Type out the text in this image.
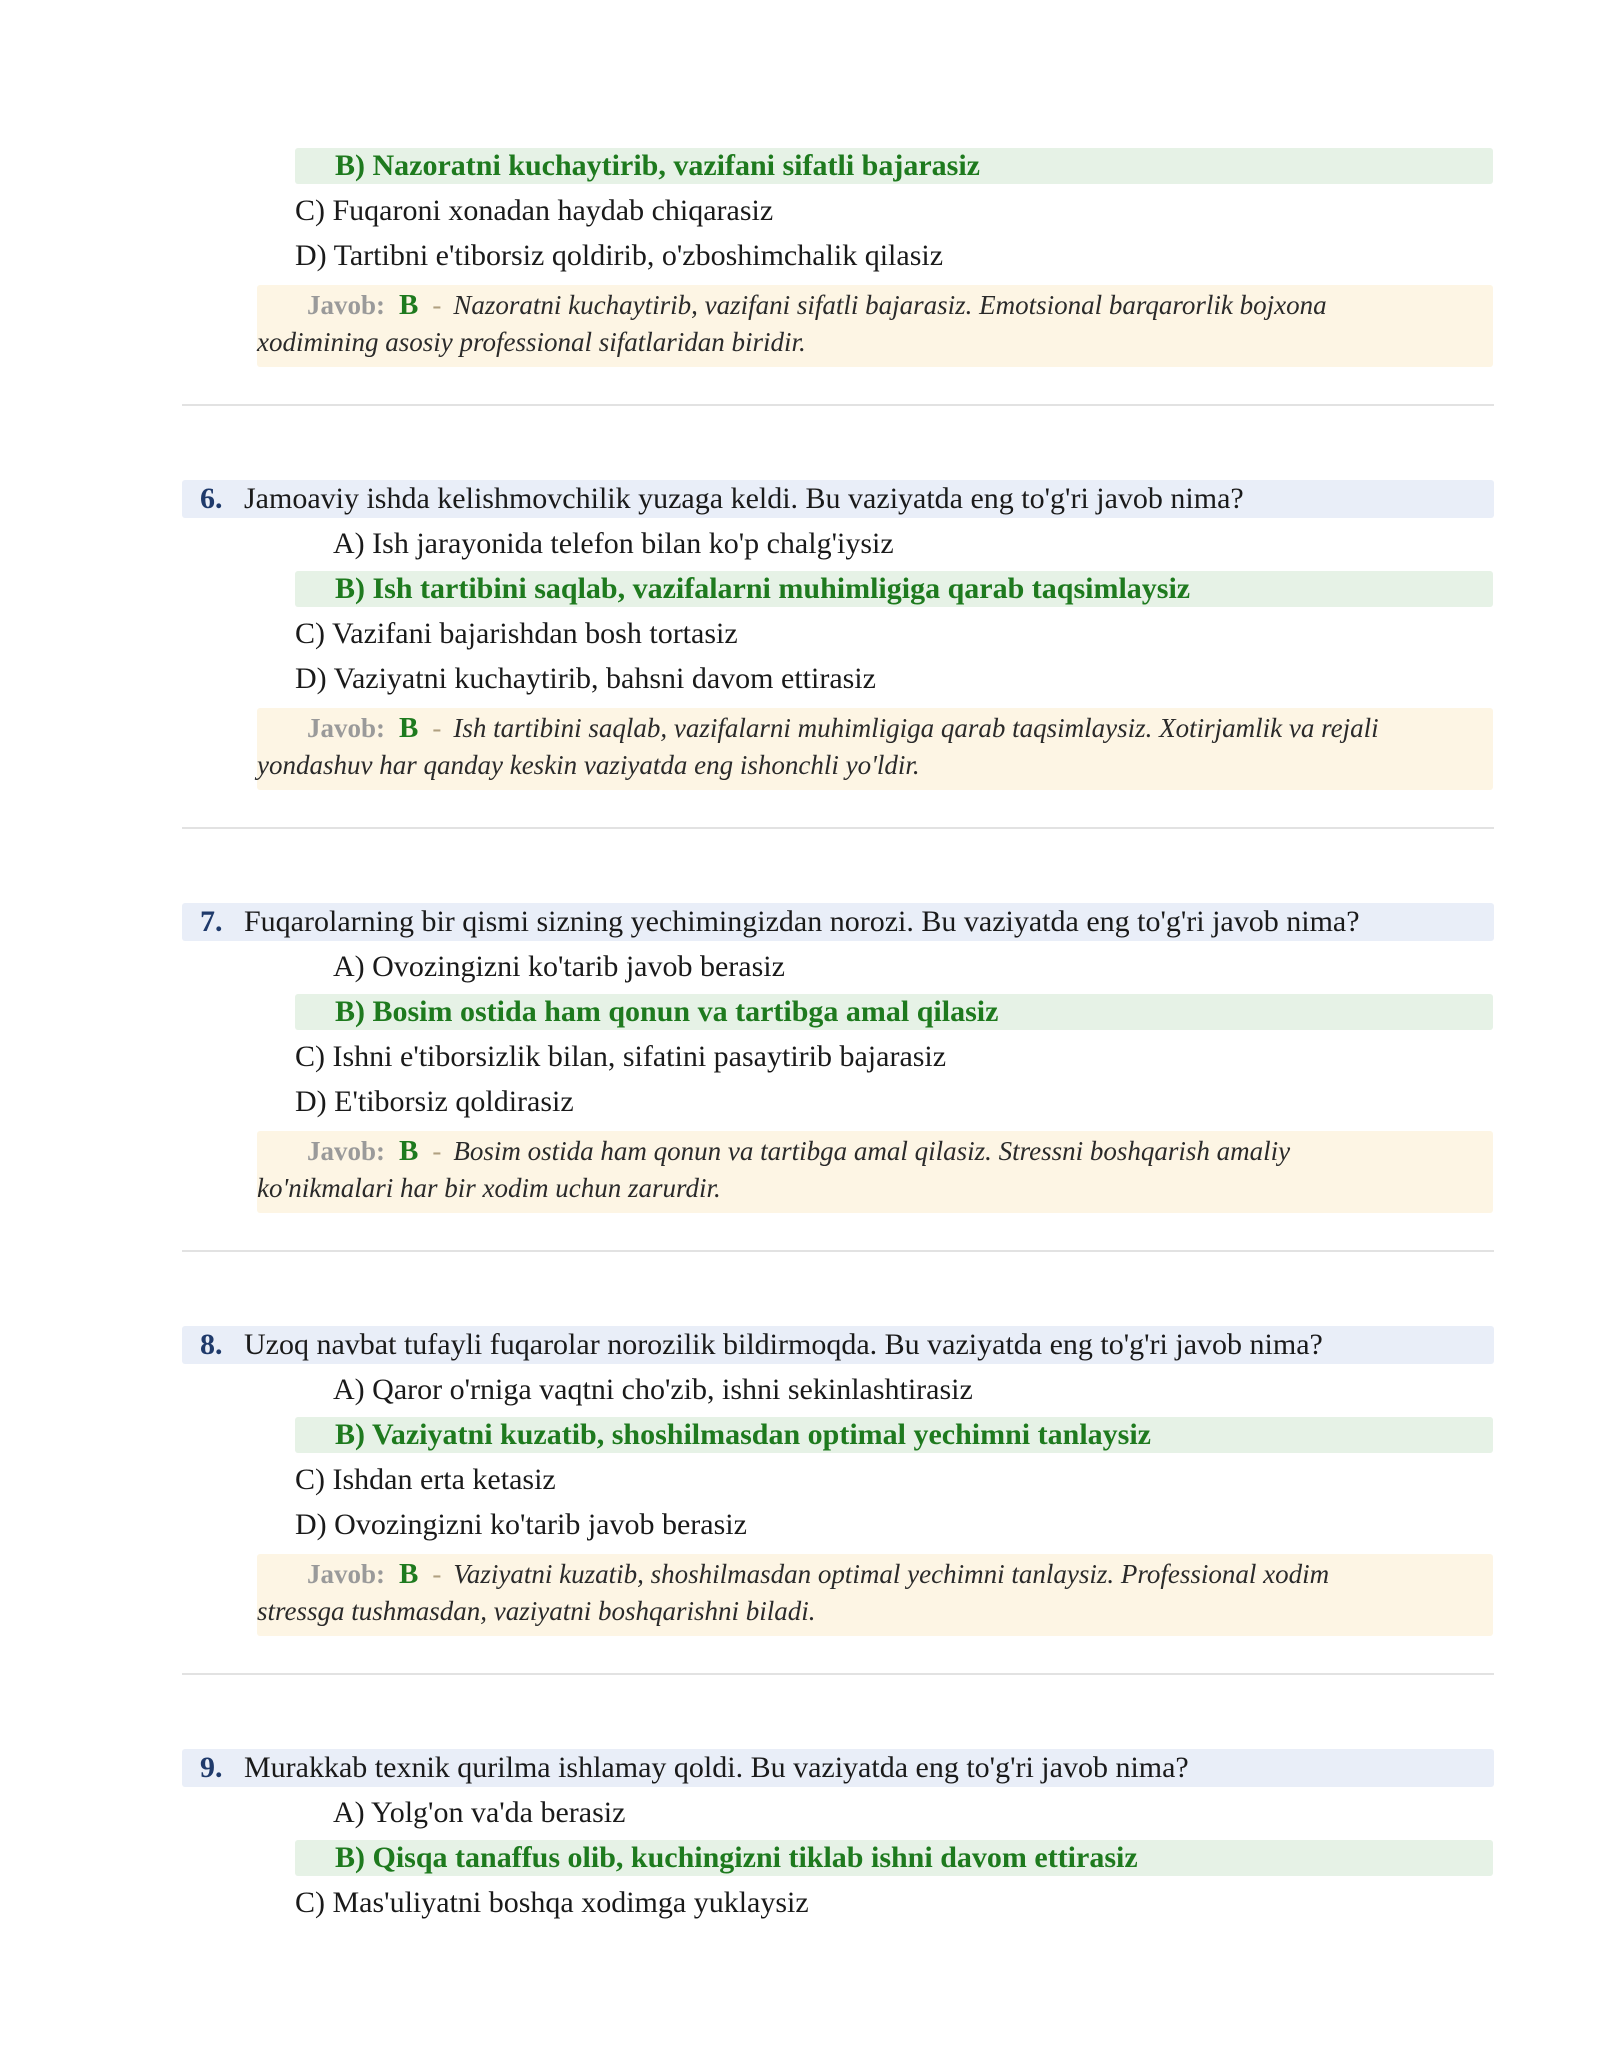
B) Nazoratni kuchaytirib, vazifani sifatli bajarasiz
C) Fuqaroni xonadan haydab chiqarasiz
D) Tartibni e'tiborsiz qoldirib, o'zboshimchalik qilasiz
Javob: B - Nazoratni kuchaytirib, vazifani sifatli bajarasiz. Emotsional barqarorlik bojxona
xodimining asosiy professional sifatlaridan biridir.
6. Jamoaviy ishda kelishmovchilik yuzaga keldi. Bu vaziyatda eng to'g'ri javob nima?
A) Ish jarayonida telefon bilan ko'p chalg'iysiz
B) Ish tartibini saqlab, vazifalarni muhimligiga qarab taqsimlaysiz
C) Vazifani bajarishdan bosh tortasiz
D) Vaziyatni kuchaytirib, bahsni davom ettirasiz
Javob: B - Ish tartibini saqlab, vazifalarni muhimligiga qarab taqsimlaysiz. Xotirjamlik va rejali
yondashuv har qanday keskin vaziyatda eng ishonchli yo'ldir.
7. Fuqarolarning bir qismi sizning yechimingizdan norozi. Bu vaziyatda eng to'g'ri javob nima?
A) Ovozingizni ko'tarib javob berasiz
B) Bosim ostida ham qonun va tartibga amal qilasiz
C) Ishni e'tiborsizlik bilan, sifatini pasaytirib bajarasiz
D) E'tiborsiz qoldirasiz
Javob: B - Bosim ostida ham qonun va tartibga amal qilasiz. Stressni boshqarish amaliy
ko'nikmalari har bir xodim uchun zarurdir.
8. Uzoq navbat tufayli fuqarolar norozilik bildirmoqda. Bu vaziyatda eng to'g'ri javob nima?
A) Qaror o'rniga vaqtni cho'zib, ishni sekinlashtirasiz
B) Vaziyatni kuzatib, shoshilmasdan optimal yechimni tanlaysiz
C) Ishdan erta ketasiz
D) Ovozingizni ko'tarib javob berasiz
Javob: B - Vaziyatni kuzatib, shoshilmasdan optimal yechimni tanlaysiz. Professional xodim
stressga tushmasdan, vaziyatni boshqarishni biladi.
9. Murakkab texnik qurilma ishlamay qoldi. Bu vaziyatda eng to'g'ri javob nima?
A) Yolg'on va'da berasiz
B) Qisqa tanaffus olib, kuchingizni tiklab ishni davom ettirasiz
C) Mas'uliyatni boshqa xodimga yuklaysiz
